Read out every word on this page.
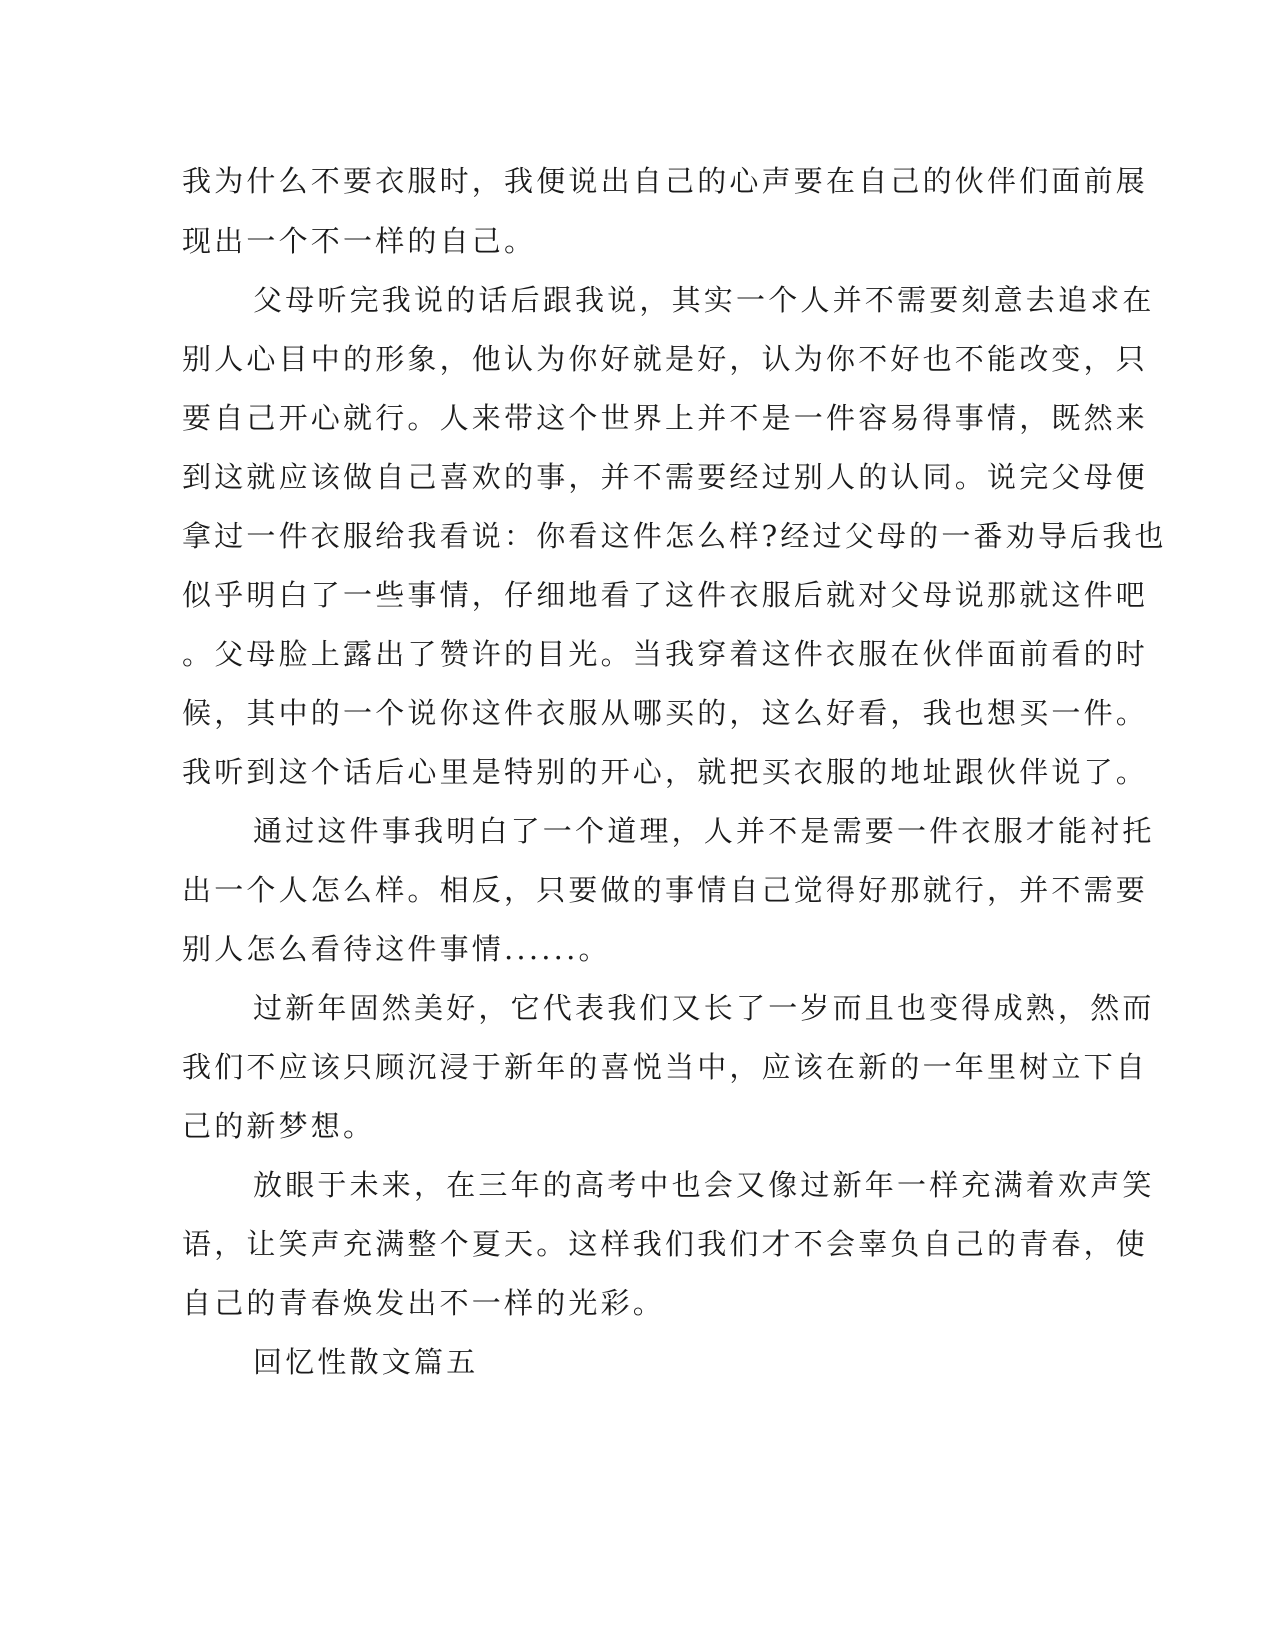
我为什么不要衣服时，我便说出自己的心声要在自己的伙伴们面前展

现出一个不一样的自己。

父母听完我说的话后跟我说，其实一个人并不需要刻意去追求在

别人心目中的形象，他认为你好就是好，认为你不好也不能改变，只

要自己开心就行。人来带这个世界上并不是一件容易得事情，既然来

到这就应该做自己喜欢的事，并不需要经过别人的认同。说完父母便

拿过一件衣服给我看说：你看这件怎么样?经过父母的一番劝导后我也

似乎明白了一些事情，仔细地看了这件衣服后就对父母说那就这件吧

。父母脸上露出了赞许的目光。当我穿着这件衣服在伙伴面前看的时

候，其中的一个说你这件衣服从哪买的，这么好看，我也想买一件。

我听到这个话后心里是特别的开心，就把买衣服的地址跟伙伴说了。

通过这件事我明白了一个道理，人并不是需要一件衣服才能衬托

出一个人怎么样。相反，只要做的事情自己觉得好那就行，并不需要

别人怎么看待这件事情......。

过新年固然美好，它代表我们又长了一岁而且也变得成熟，然而

我们不应该只顾沉浸于新年的喜悦当中，应该在新的一年里树立下自

己的新梦想。

放眼于未来，在三年的高考中也会又像过新年一样充满着欢声笑

语，让笑声充满整个夏天。这样我们我们才不会辜负自己的青春，使

自己的青春焕发出不一样的光彩。

回忆性散文篇五
